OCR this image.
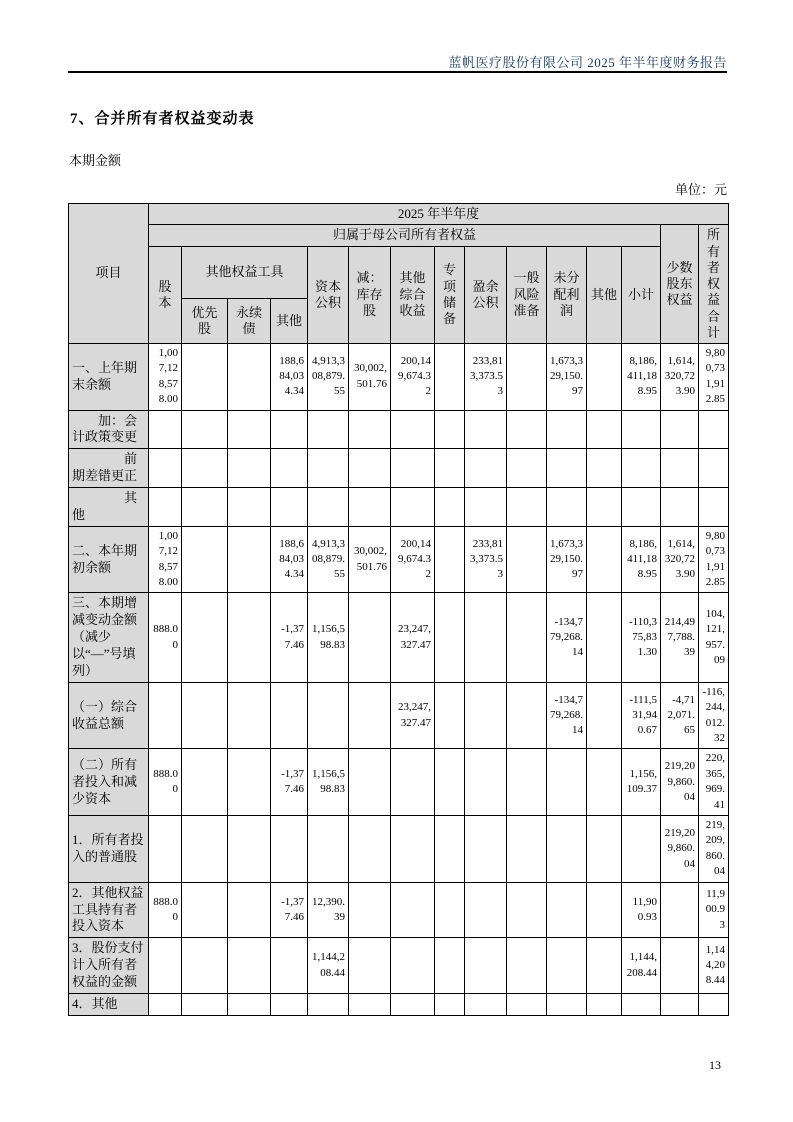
蓝帆医疗股份有限公司 2025 年半年度财务报告
7、合并所有者权益变动表
本期金额
单位：元
项目	2025 年半年度														
	归属于母公司所有者权益													少数股东权益	所有者权益合计
	股本	其他权益工具			资本公积	减：库存股	其他综合收益	专项储备	盈余公积	一般风险准备	未分配利润	其他	小计		
		优先股	永续债	其他											
一、上年期末余额	1,007,128,578.00			188,684,034.34	4,913,308,879.55	30,002,501.76	200,149,674.32		233,813,373.53		1,673,329,150.97		8,186,411,188.95	1,614,320,723.90	9,800,731,912.85
　　加：会计政策变更															
　　　　前期差错更正															
　　　　其他															
二、本年期初余额	1,007,128,578.00			188,684,034.34	4,913,308,879.55	30,002,501.76	200,149,674.32		233,813,373.53		1,673,329,150.97		8,186,411,188.95	1,614,320,723.90	9,800,731,912.85
三、本期增减变动金额（减少以“—”号填列）	888.00			-1,377.46	1,156,598.83		23,247,327.47				-134,779,268.14		-110,375,831.30	214,497,788.39	104,121,957.09
（一）综合收益总额							23,247,327.47				-134,779,268.14		-111,531,940.67	-4,712,071.65	-116,244,012.32
（二）所有者投入和减少资本	888.00			-1,377.46	1,156,598.83								1,156,109.37	219,209,860.04	220,365,969.41
1．所有者投入的普通股														219,209,860.04	219,209,860.04
2．其他权益工具持有者投入资本	888.00			-1,377.46	12,390.39								11,900.93		11,900.93
3．股份支付计入所有者权益的金额					1,144,208.44								1,144,208.44		1,144,208.44
4．其他															
13
